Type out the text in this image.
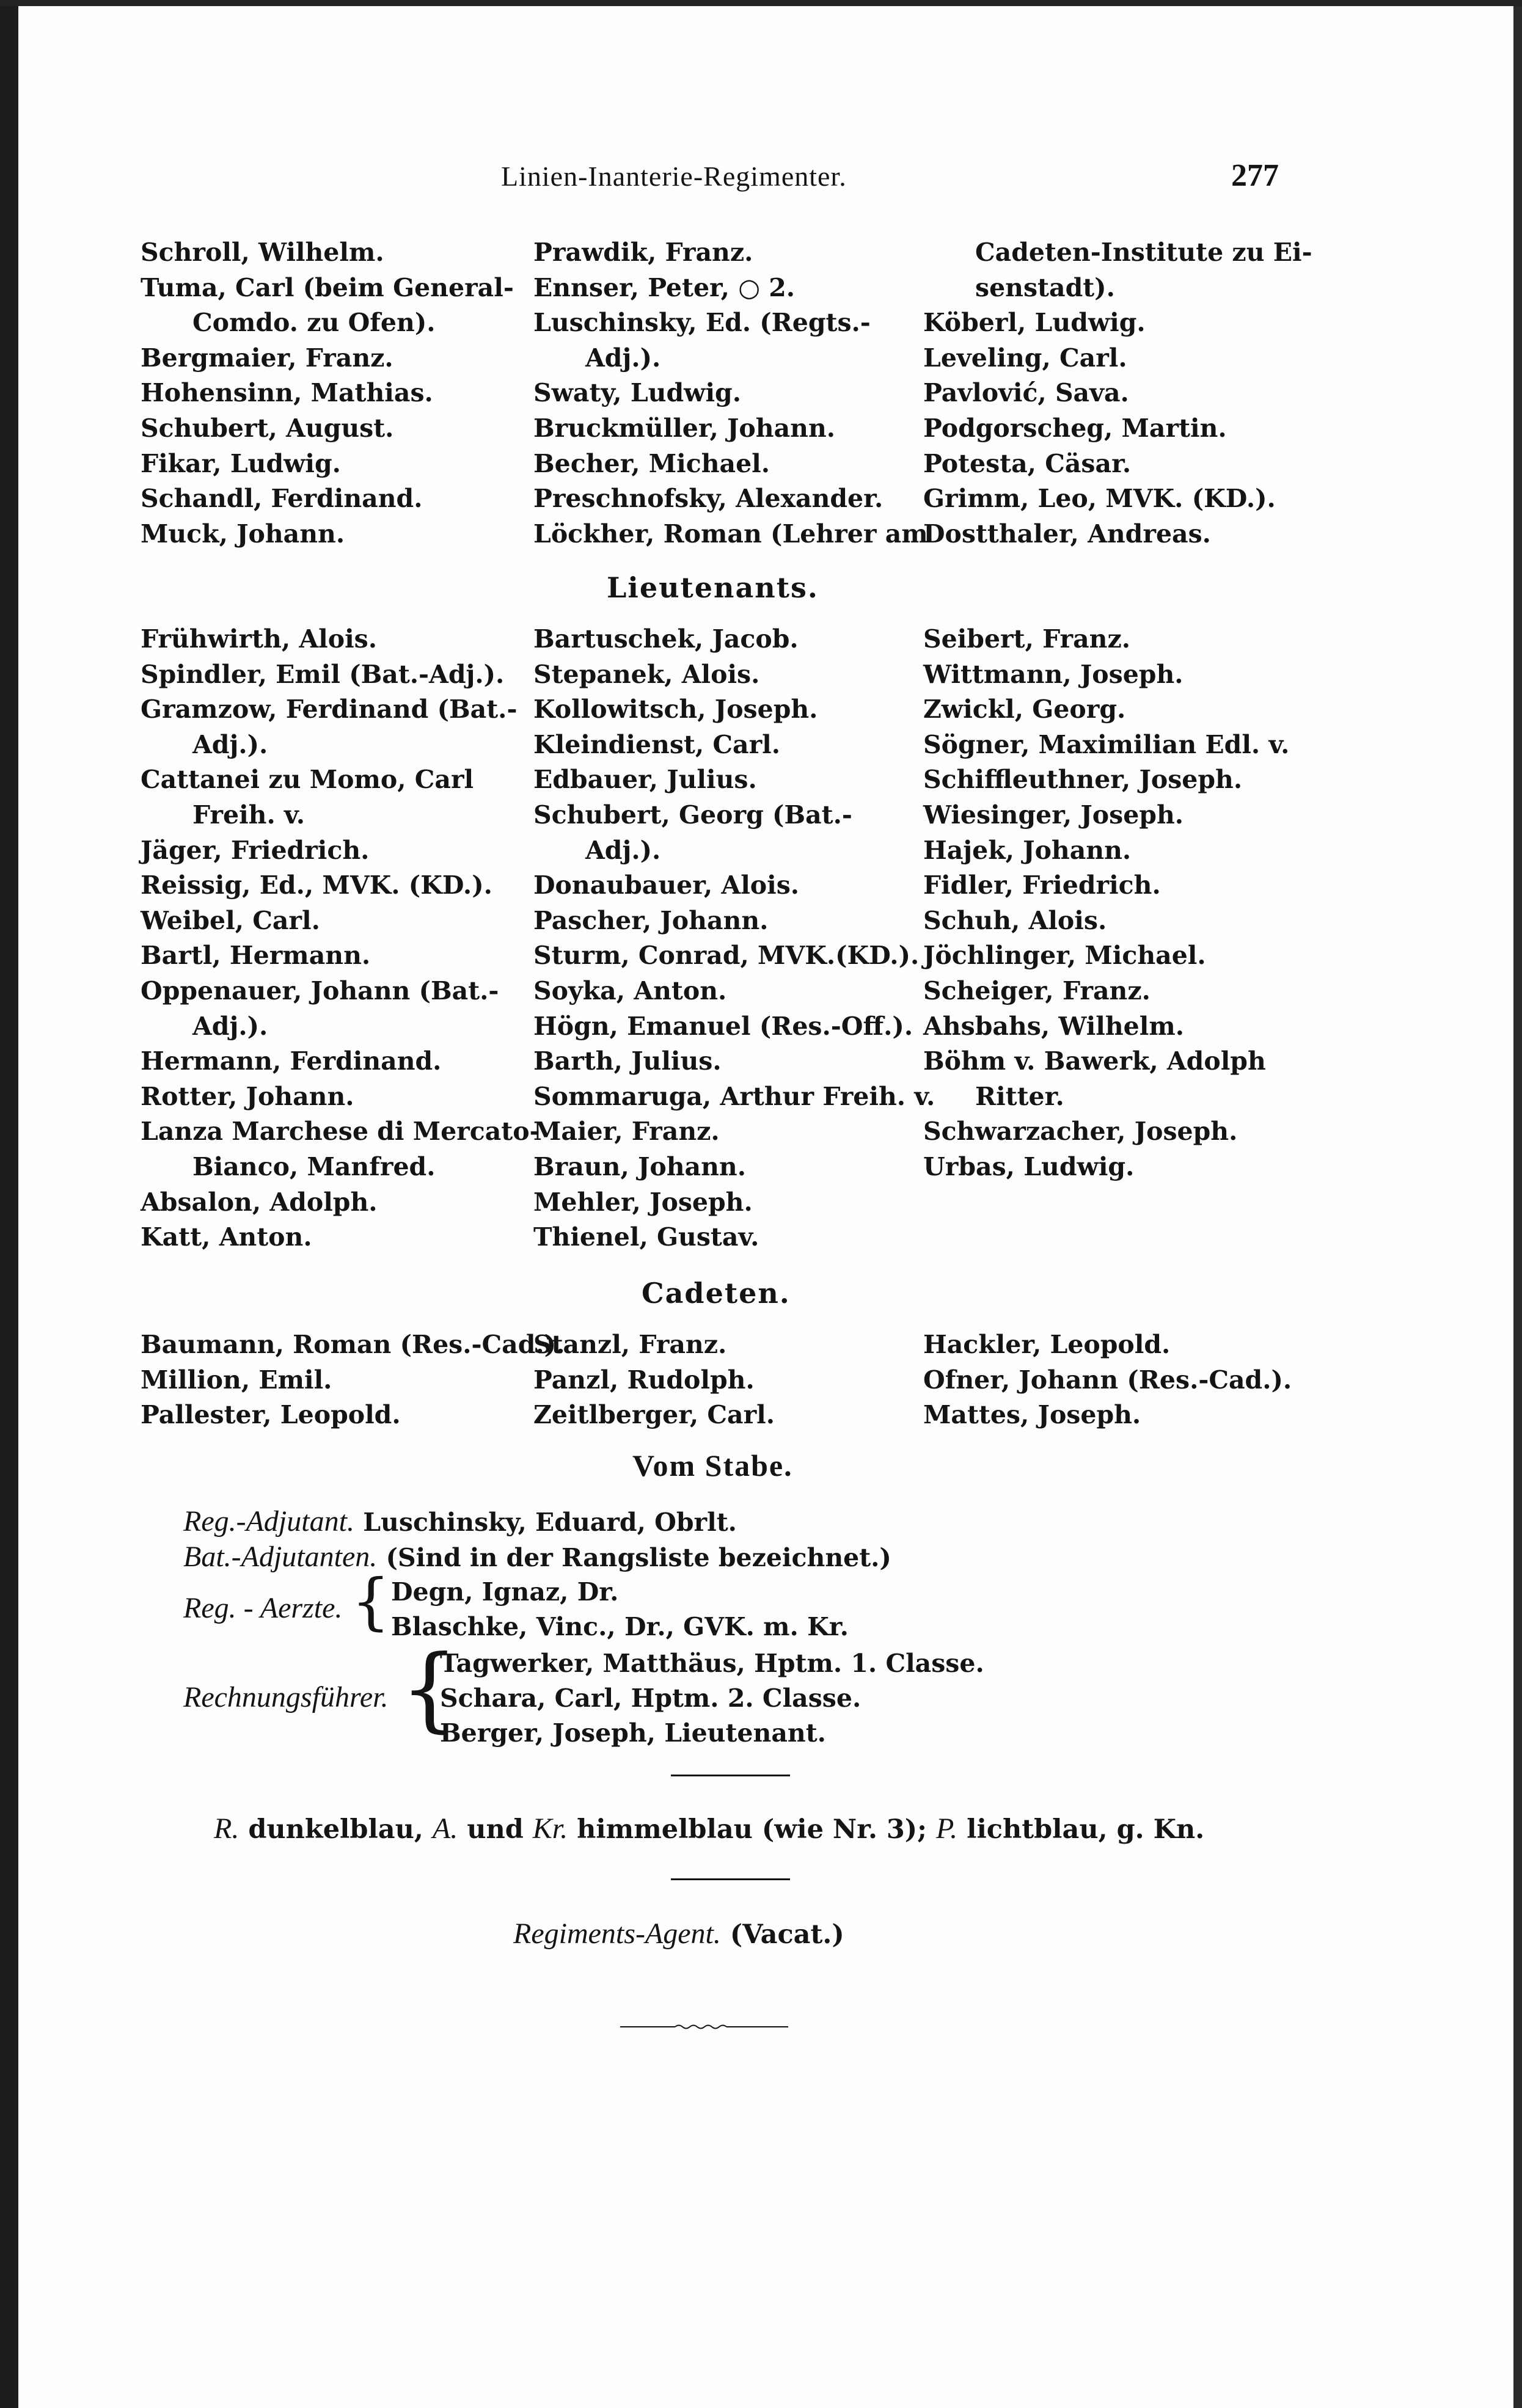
Linien-Inanterie-Regimenter.	277
Schroll, Wilhelm.
Tuma, Carl (beim General-
Comdo. zu Ofen).
Bergmaier, Franz.
Hohensinn, Mathias.
Schubert, August.
Fikar, Ludwig.
Schandl, Ferdinand.
Muck, Johann.
Prawdik, Franz.
Ennser, Peter, ○ 2.
Luschinsky, Ed. (Regts.-
Adj.).
Swaty, Ludwig.
Bruckmüller, Johann.
Becher, Michael.
Preschnofsky, Alexander.
Löckher, Roman (Lehrer am
Cadeten-Institute zu Ei-
senstadt).
Köberl, Ludwig.
Leveling, Carl.
Pavlović, Sava.
Podgorscheg, Martin.
Potesta, Cäsar.
Grimm, Leo, MVK. (KD.).
Dostthaler, Andreas.
Lieutenants.
Frühwirth, Alois.
Spindler, Emil (Bat.-Adj.).
Gramzow, Ferdinand (Bat.-
Adj.).
Cattanei zu Momo, Carl
Freih. v.
Jäger, Friedrich.
Reissig, Ed., MVK. (KD.).
Weibel, Carl.
Bartl, Hermann.
Oppenauer, Johann (Bat.-
Adj.).
Hermann, Ferdinand.
Rotter, Johann.
Lanza Marchese di Mercato-
Bianco, Manfred.
Absalon, Adolph.
Katt, Anton.
Bartuschek, Jacob.
Stepanek, Alois.
Kollowitsch, Joseph.
Kleindienst, Carl.
Edbauer, Julius.
Schubert, Georg (Bat.-
Adj.).
Donaubauer, Alois.
Pascher, Johann.
Sturm, Conrad, MVK.(KD.).
Soyka, Anton.
Högn, Emanuel (Res.-Off.).
Barth, Julius.
Sommaruga, Arthur Freih. v.
Maier, Franz.
Braun, Johann.
Mehler, Joseph.
Thienel, Gustav.
Seibert, Franz.
Wittmann, Joseph.
Zwickl, Georg.
Sögner, Maximilian Edl. v.
Schiffleuthner, Joseph.
Wiesinger, Joseph.
Hajek, Johann.
Fidler, Friedrich.
Schuh, Alois.
Jöchlinger, Michael.
Scheiger, Franz.
Ahsbahs, Wilhelm.
Böhm v. Bawerk, Adolph
Ritter.
Schwarzacher, Joseph.
Urbas, Ludwig.
Cadeten.
Baumann, Roman (Res.-Cad.).
Million, Emil.
Pallester, Leopold.
Stanzl, Franz.
Panzl, Rudolph.
Zeitlberger, Carl.
Hackler, Leopold.
Ofner, Johann (Res.-Cad.).
Mattes, Joseph.
Vom Stabe.
Reg.-Adjutant. Luschinsky, Eduard, Obrlt.
Bat.-Adjutanten. (Sind in der Rangsliste bezeichnet.)
Reg. - Aerzte. { Degn, Ignaz, Dr.
Blaschke, Vinc., Dr., GVK. m. Kr.
Rechnungsführer. {
Tagwerker, Matthäus, Hptm. 1. Classe.
Schara, Carl, Hptm. 2. Classe.
Berger, Joseph, Lieutenant.
R. dunkelblau, A. und Kr. himmelblau (wie Nr. 3); P. lichtblau, g. Kn.
Regiments-Agent. (Vacat.)
